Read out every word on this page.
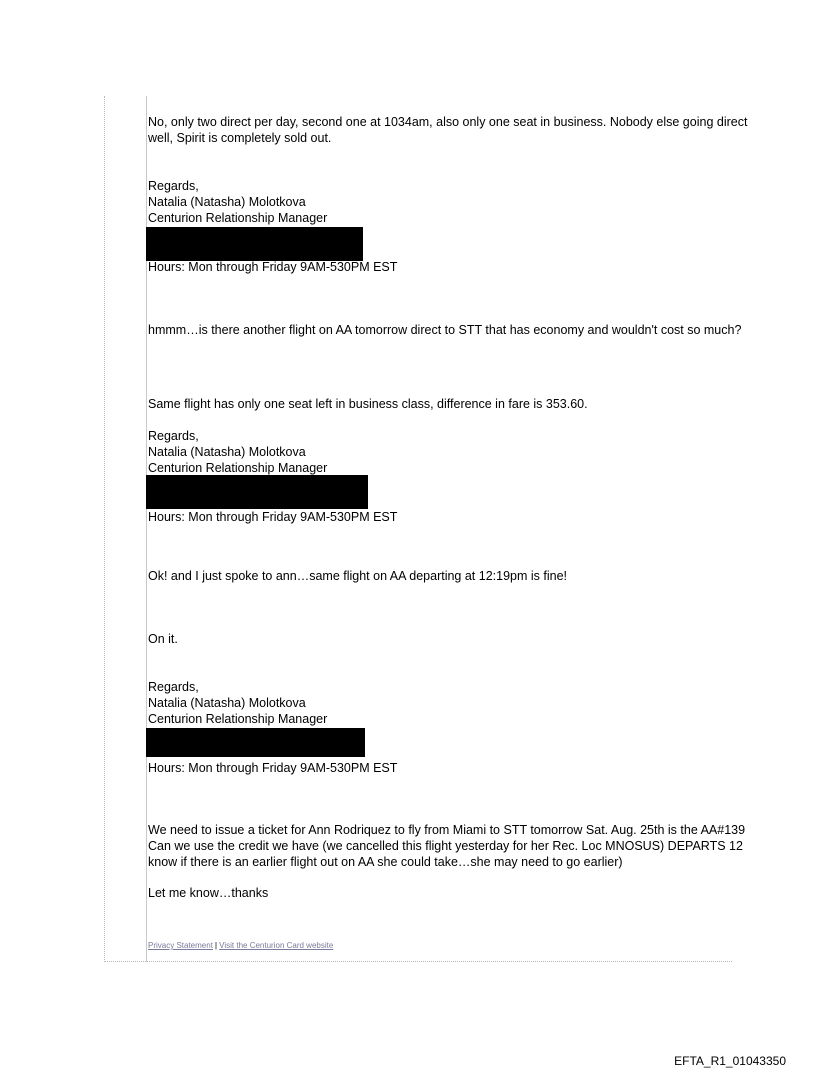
No, only two direct per day, second one at 1034am, also only one seat in business. Nobody else going direct

well, Spirit is completely sold out.

Regards,

Natalia (Natasha) Molotkova

Centurion Relationship Manager

Hours: Mon through Friday 9AM-530PM EST

hmmm…is there another flight on AA tomorrow direct to STT that has economy and wouldn't cost so much?

Same flight has only one seat left in business class, difference in fare is 353.60.

Regards,

Natalia (Natasha) Molotkova

Centurion Relationship Manager

Hours: Mon through Friday 9AM-530PM EST

Ok! and I just spoke to ann…same flight on AA departing at 12:19pm is fine!

On it.

Regards,

Natalia (Natasha) Molotkova

Centurion Relationship Manager

Hours: Mon through Friday 9AM-530PM EST

We need to issue a ticket for Ann Rodriquez to fly from Miami to STT tomorrow Sat. Aug. 25th is the AA#139

Can we use the credit we have (we cancelled this flight yesterday for her Rec. Loc MNOSUS) DEPARTS 12

know if there is an earlier flight out on AA she could take…she may need to go earlier)

Let me know…thanks

Privacy Statement | Visit the Centurion Card website
EFTA_R1_01043350
